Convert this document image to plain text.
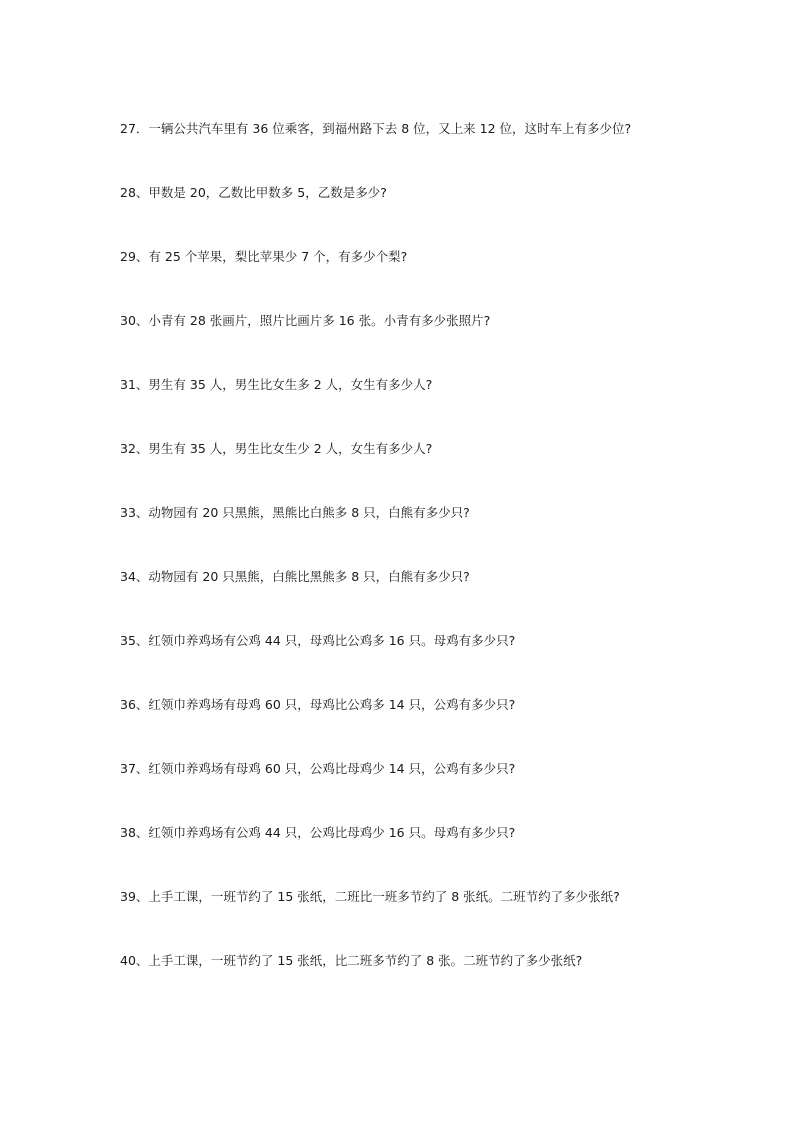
27．一辆公共汽车里有 36 位乘客，到福州路下去 8 位，又上来 12 位，这时车上有多少位?
28、甲数是 20，乙数比甲数多 5，乙数是多少?
29、有 25 个苹果，梨比苹果少 7 个，有多少个梨?
30、小青有 28 张画片，照片比画片多 16 张。小青有多少张照片?
31、男生有 35 人，男生比女生多 2 人，女生有多少人?
32、男生有 35 人，男生比女生少 2 人，女生有多少人?
33、动物园有 20 只黑熊，黑熊比白熊多 8 只，白熊有多少只?
34、动物园有 20 只黑熊，白熊比黑熊多 8 只，白熊有多少只?
35、红领巾养鸡场有公鸡 44 只，母鸡比公鸡多 16 只。母鸡有多少只?
36、红领巾养鸡场有母鸡 60 只，母鸡比公鸡多 14 只，公鸡有多少只?
37、红领巾养鸡场有母鸡 60 只，公鸡比母鸡少 14 只，公鸡有多少只?
38、红领巾养鸡场有公鸡 44 只，公鸡比母鸡少 16 只。母鸡有多少只?
39、上手工课，一班节约了 15 张纸，二班比一班多节约了 8 张纸。二班节约了多少张纸?
40、上手工课，一班节约了 15 张纸，比二班多节约了 8 张。二班节约了多少张纸?
